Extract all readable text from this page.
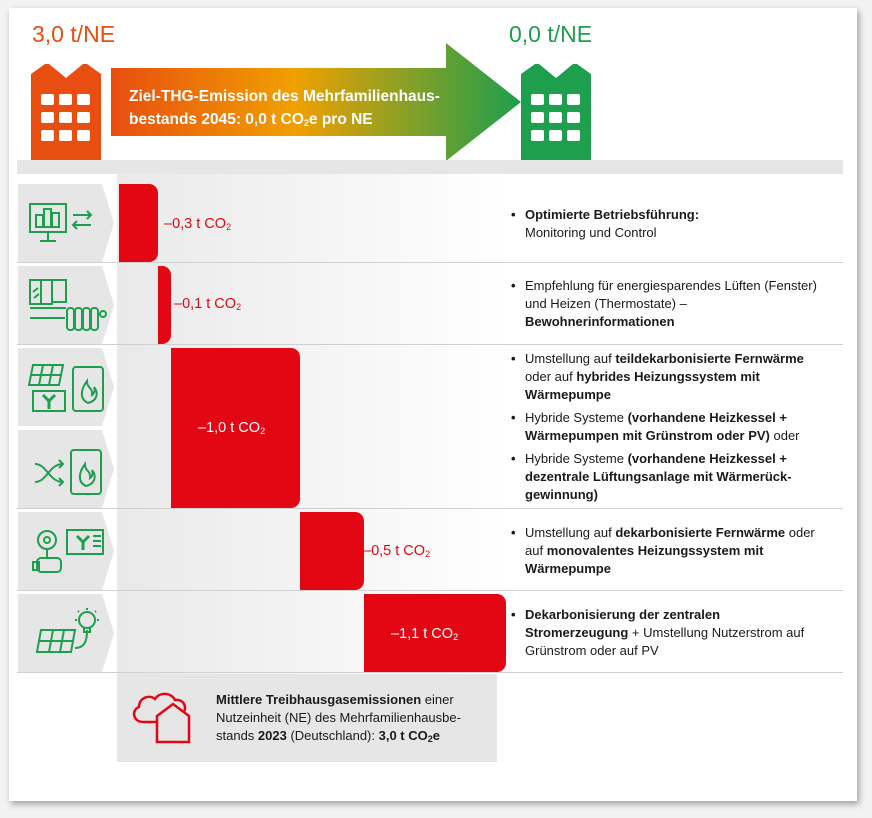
3,0 t/NE	0,0 t/NE
Ziel-THG-Emission des Mehrfamilienhaus-
bestands 2045: 0,0 t $CO_2e$ pro NE
–0,3 t $CO_2$
–0,1 t $CO_2$
–1,0 t $CO_2$
–0,5 t $CO_2$
–1,1 t $CO_2$
• Optimierte Betriebsführung:
Monitoring und Control
• Empfehlung für energiesparendes Lüften (Fenster) und Heizen (Thermostate) – Bewohnerinformationen
• Umstellung auf teildekarbonisierte Fernwärme oder auf hybrides Heizungssystem mit Wärmepumpe
• Hybride Systeme (vorhandene Heizkessel + Wärmepumpen mit Grünstrom oder PV) oder
• Hybride Systeme (vorhandene Heizkessel + dezentrale Lüftungsanlage mit Wärmerückgewinnung)
• Umstellung auf dekarbonisierte Fernwärme oder auf monovalentes Heizungssystem mit Wärmepumpe
• Dekarbonisierung der zentralen Stromerzeugung + Umstellung Nutzerstrom auf Grünstrom oder auf PV
Mittlere Treibhausgasemissionen einer Nutzeinheit (NE) des Mehrfamilienhausbestands 2023 (Deutschland): 3,0 t $CO_2e$
